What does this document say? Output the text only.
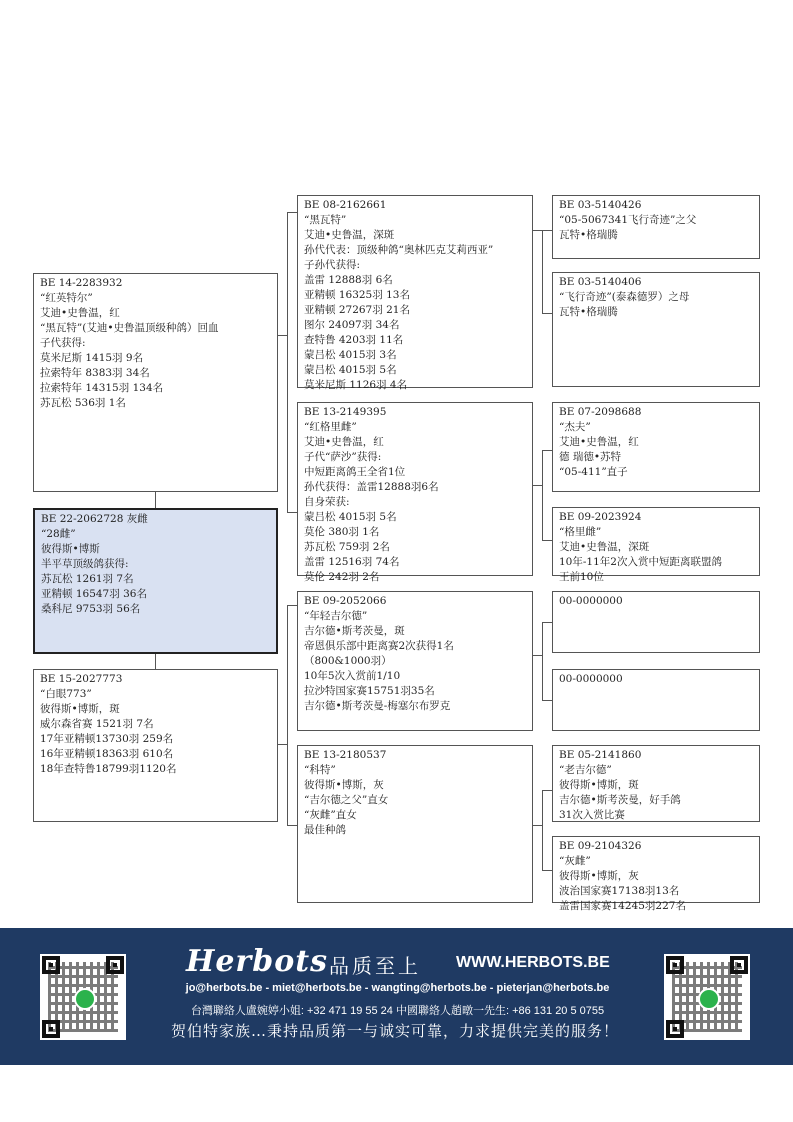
BE 14-2283932
“红英特尔”
艾迪•史鲁温，红
“黑瓦特”(艾迪•史鲁温顶级种鸽）回血
子代获得:
莫米尼斯 1415羽 9名
拉索特年 8383羽 34名
拉索特年 14315羽 134名
苏瓦松 536羽 1名
BE 22-2062728 灰雌
“28雌”
彼得斯•博斯
半平草顶级鸽获得:
苏瓦松 1261羽 7名
亚精顿 16547羽 36名
桑科尼 9753羽 56名
BE 15-2027773
“白眼773”
彼得斯•博斯，斑
威尔森省赛 1521羽 7名
17年亚精顿13730羽 259名
16年亚精顿18363羽 610名
18年查特鲁18799羽1120名
BE 08-2162661
“黑瓦特”
艾迪•史鲁温，深斑
孙代代表：顶级种鸽“奥林匹克艾莉西亚”
子孙代获得:
盖雷 12888羽 6名
亚精顿 16325羽 13名
亚精顿 27267羽 21名
图尔 24097羽 34名
查特鲁 4203羽 11名
蒙吕松 4015羽 3名
蒙吕松 4015羽 5名
莫米尼斯 1126羽 4名
BE 13-2149395
“红格里雌”
艾迪•史鲁温，红
子代“萨沙”获得:
中短距离鸽王全省1位
孙代获得：盖雷12888羽6名
自身荣获:
蒙吕松 4015羽 5名
莫伦 380羽 1名
苏瓦松 759羽 2名
盖雷 12516羽 74名
莫伦 242羽 2名
BE 09-2052066
“年轻吉尔德”
吉尔德•斯考茨曼，斑
帝恩俱乐部中距离赛2次获得1名
（800&1000羽）
10年5次入赏前1/10
拉沙特国家赛15751羽35名
吉尔德•斯考茨曼-梅塞尔布罗克
BE 13-2180537
“科特”
彼得斯•博斯，灰
“吉尔德之父”直女
“灰雌”直女
最佳种鸽
BE 03-5140426
“05-5067341飞行奇迹”之父
瓦特•格瑞腾
BE 03-5140406
“飞行奇迹”(泰森德罗）之母
瓦特•格瑞腾
BE 07-2098688
“杰夫”
艾迪•史鲁温，红
德 瑞德•苏特
“05-411”直子
BE 09-2023924
“格里雌”
艾迪•史鲁温，深斑
10年-11年2次入赏中短距离联盟鸽
王前10位
00-0000000
00-0000000
BE 05-2141860
“老吉尔德”
彼得斯•博斯，斑
吉尔德•斯考茨曼，好手鸽
31次入赏比赛
BE 09-2104326
“灰雌”
彼得斯•博斯，灰
波治国家赛17138羽13名
盖雷国家赛14245羽227名
Herbots 品质至上 WWW.HERBOTS.BE
jo@herbots.be - miet@herbots.be - wangting@herbots.be - pieterjan@herbots.be
台灣聯絡人盧婉婷小姐: +32 471 19 55 24 中國聯絡人趙暾一先生: +86 131 20 5 0755
贺伯特家族…秉持品质第一与诚实可靠，力求提供完美的服务！
